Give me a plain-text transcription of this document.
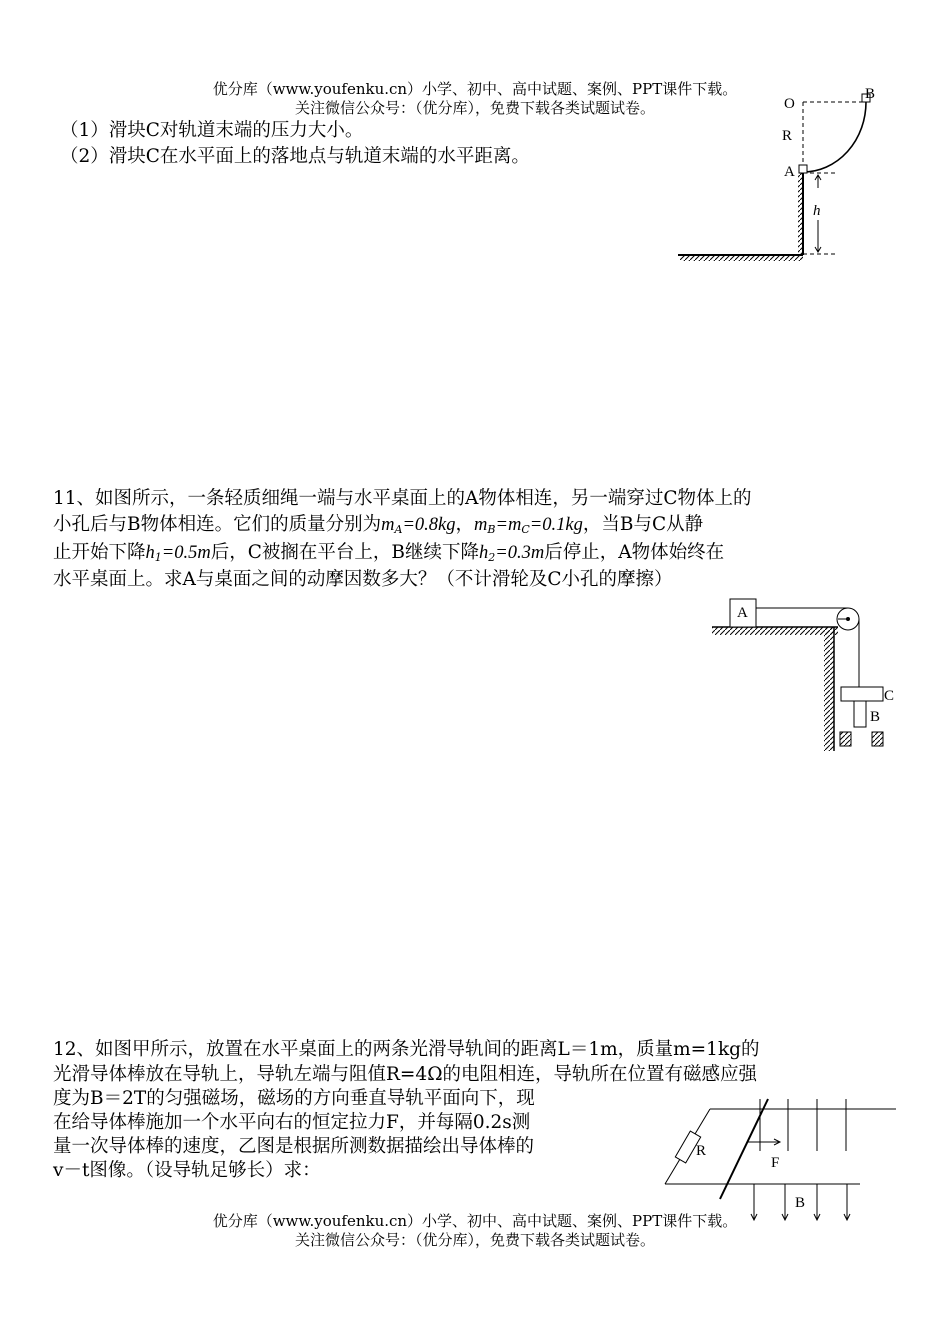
优分库（www.youfenku.cn）小学、初中、高中试题、案例、PPT课件下载。
关注微信公众号：（优分库），免费下载各类试题试卷。

（1）滑块C对轨道末端的压力大小。

（2）滑块C在水平面上的落地点与轨道末端的水平距离。

O
B
R
A
h

11、如图所示，一条轻质细绳一端与水平桌面上的A物体相连，另一端穿过C物体上的

小孔后与B物体相连。它们的质量分别为$m_A=0.8kg$，$m_B=m_C=0.1kg$，当B与C从静

止开始下降$h_1=0.5m$后，C被搁在平台上，B继续下降$h_2=0.3m$后停止，A物体始终在

水平桌面上。求A与桌面之间的动摩因数多大？（不计滑轮及C小孔的摩擦）

A
C
B

12、如图甲所示，放置在水平桌面上的两条光滑导轨间的距离L＝1m，质量m=1kg的

光滑导体棒放在导轨上，导轨左端与阻值R=4Ω的电阻相连，导轨所在位置有磁感应强

度为B＝2T的匀强磁场，磁场的方向垂直导轨平面向下，现

在给导体棒施加一个水平向右的恒定拉力F，并每隔0.2s测

量一次导体棒的速度，乙图是根据所测数据描绘出导体棒的

v－t图像。（设导轨足够长）求：

R
F
B
优分库（www.youfenku.cn）小学、初中、高中试题、案例、PPT课件下载。
关注微信公众号：（优分库），免费下载各类试题试卷。
